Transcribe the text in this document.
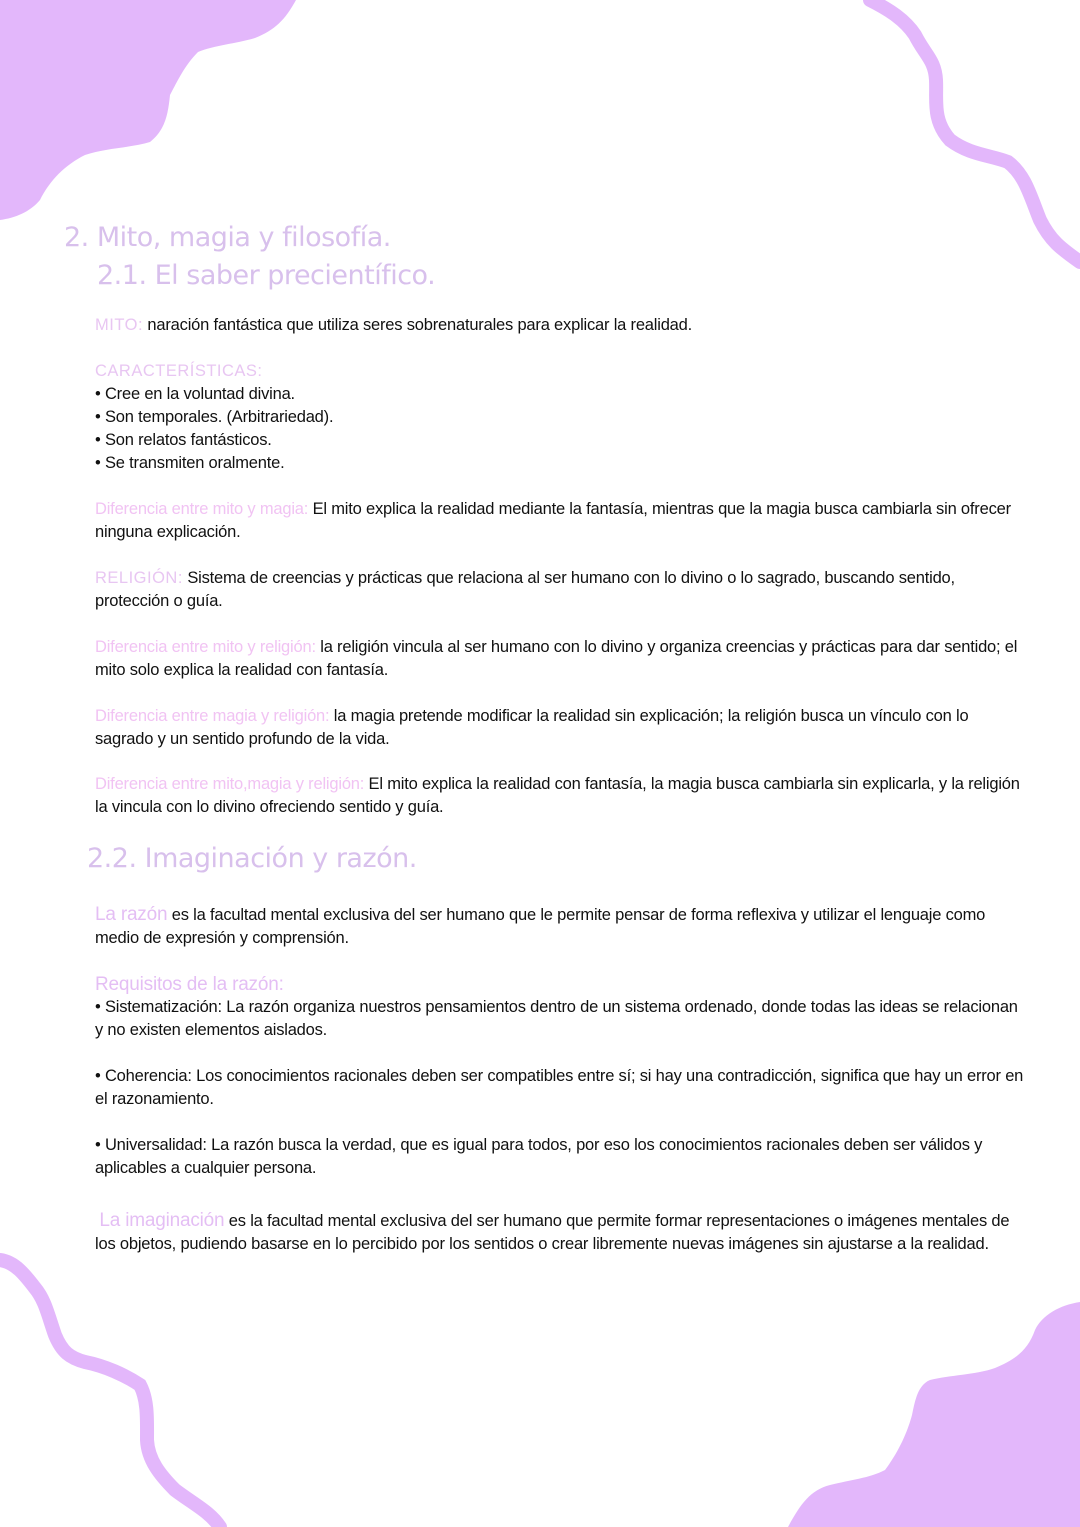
2. Mito, magia y filosofía.
2.1. El saber precientífico.
MITO: naración fantástica que utiliza seres sobrenaturales para explicar la realidad.
CARACTERÍSTICAS:
• Cree en la voluntad divina.
• Son temporales. (Arbitrariedad).
• Son relatos fantásticos.
• Se transmiten oralmente.
Diferencia entre mito y magia: El mito explica la realidad mediante la fantasía, mientras que la magia busca cambiarla sin ofrecer ninguna explicación.
RELIGIÓN: Sistema de creencias y prácticas que relaciona al ser humano con lo divino o lo sagrado, buscando sentido, protección o guía.
Diferencia entre mito y religión: la religión vincula al ser humano con lo divino y organiza creencias y prácticas para dar sentido; el mito solo explica la realidad con fantasía.
Diferencia entre magia y religión: la magia pretende modificar la realidad sin explicación; la religión busca un vínculo con lo sagrado y un sentido profundo de la vida.
Diferencia entre mito,magia y religión: El mito explica la realidad con fantasía, la magia busca cambiarla sin explicarla, y la religión la vincula con lo divino ofreciendo sentido y guía.
2.2. Imaginación y razón.
La razón es la facultad mental exclusiva del ser humano que le permite pensar de forma reflexiva y utilizar el lenguaje como medio de expresión y comprensión.
Requisitos de la razón:
• Sistematización: La razón organiza nuestros pensamientos dentro de un sistema ordenado, donde todas las ideas se relacionan y no existen elementos aislados.
• Coherencia: Los conocimientos racionales deben ser compatibles entre sí; si hay una contradicción, significa que hay un error en el razonamiento.
• Universalidad: La razón busca la verdad, que es igual para todos, por eso los conocimientos racionales deben ser válidos y aplicables a cualquier persona.
La imaginación es la facultad mental exclusiva del ser humano que permite formar representaciones o imágenes mentales de los objetos, pudiendo basarse en lo percibido por los sentidos o crear libremente nuevas imágenes sin ajustarse a la realidad.
